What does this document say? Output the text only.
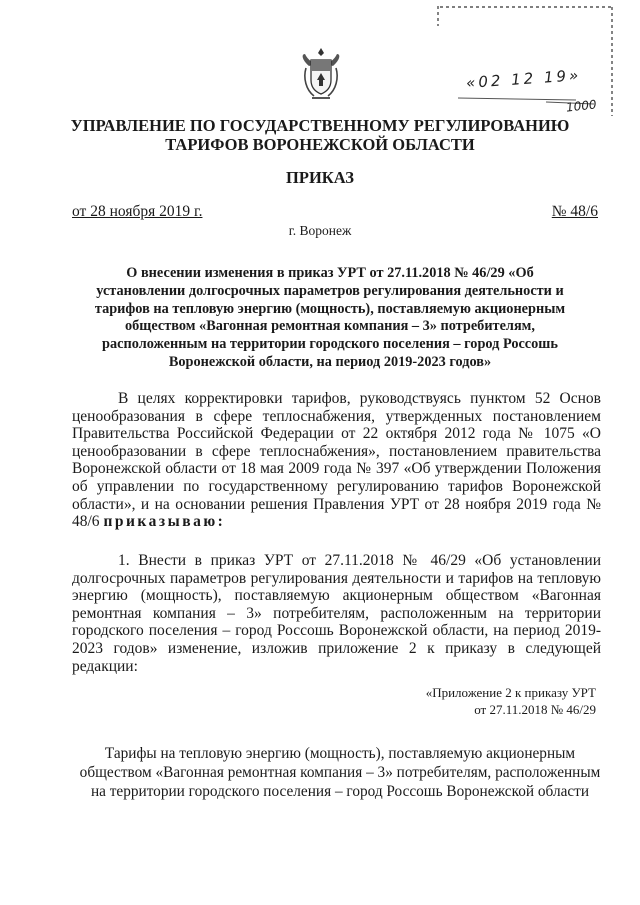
«02 12 19»
1000
УПРАВЛЕНИЕ ПО ГОСУДАРСТВЕННОМУ РЕГУЛИРОВАНИЮ
ТАРИФОВ ВОРОНЕЖСКОЙ ОБЛАСТИ
ПРИКАЗ
от 28 ноября 2019 г.	№ 48/6
г. Воронеж
О внесении изменения в приказ УРТ от 27.11.2018 № 46/29 «Об установлении долгосрочных параметров регулирования деятельности и тарифов на тепловую энергию (мощность), поставляемую акционерным обществом «Вагонная ремонтная компания – 3» потребителям, расположенным на территории городского поселения – город Россошь Воронежской области, на период 2019-2023 годов»
В целях корректировки тарифов, руководствуясь пунктом 52 Основ ценообразования в сфере теплоснабжения, утвержденных постановлением Правительства Российской Федерации от 22 октября 2012 года № 1075 «О ценообразовании в сфере теплоснабжения», постановлением правительства Воронежской области от 18 мая 2009 года № 397 «Об утверждении Положения об управлении по государственному регулированию тарифов Воронежской области», и на основании решения Правления УРТ от 28 ноября 2019 года № 48/6 приказываю:
1. Внести в приказ УРТ от 27.11.2018 № 46/29 «Об установлении долгосрочных параметров регулирования деятельности и тарифов на тепловую энергию (мощность), поставляемую акционерным обществом «Вагонная ремонтная компания – 3» потребителям, расположенным на территории городского поселения – город Россошь Воронежской области, на период 2019-2023 годов» изменение, изложив приложение 2 к приказу в следующей редакции:
«Приложение 2 к приказу УРТ
от 27.11.2018 № 46/29
Тарифы на тепловую энергию (мощность), поставляемую акционерным
обществом «Вагонная ремонтная компания – 3» потребителям, расположенным
на территории городского поселения – город Россошь Воронежской области
